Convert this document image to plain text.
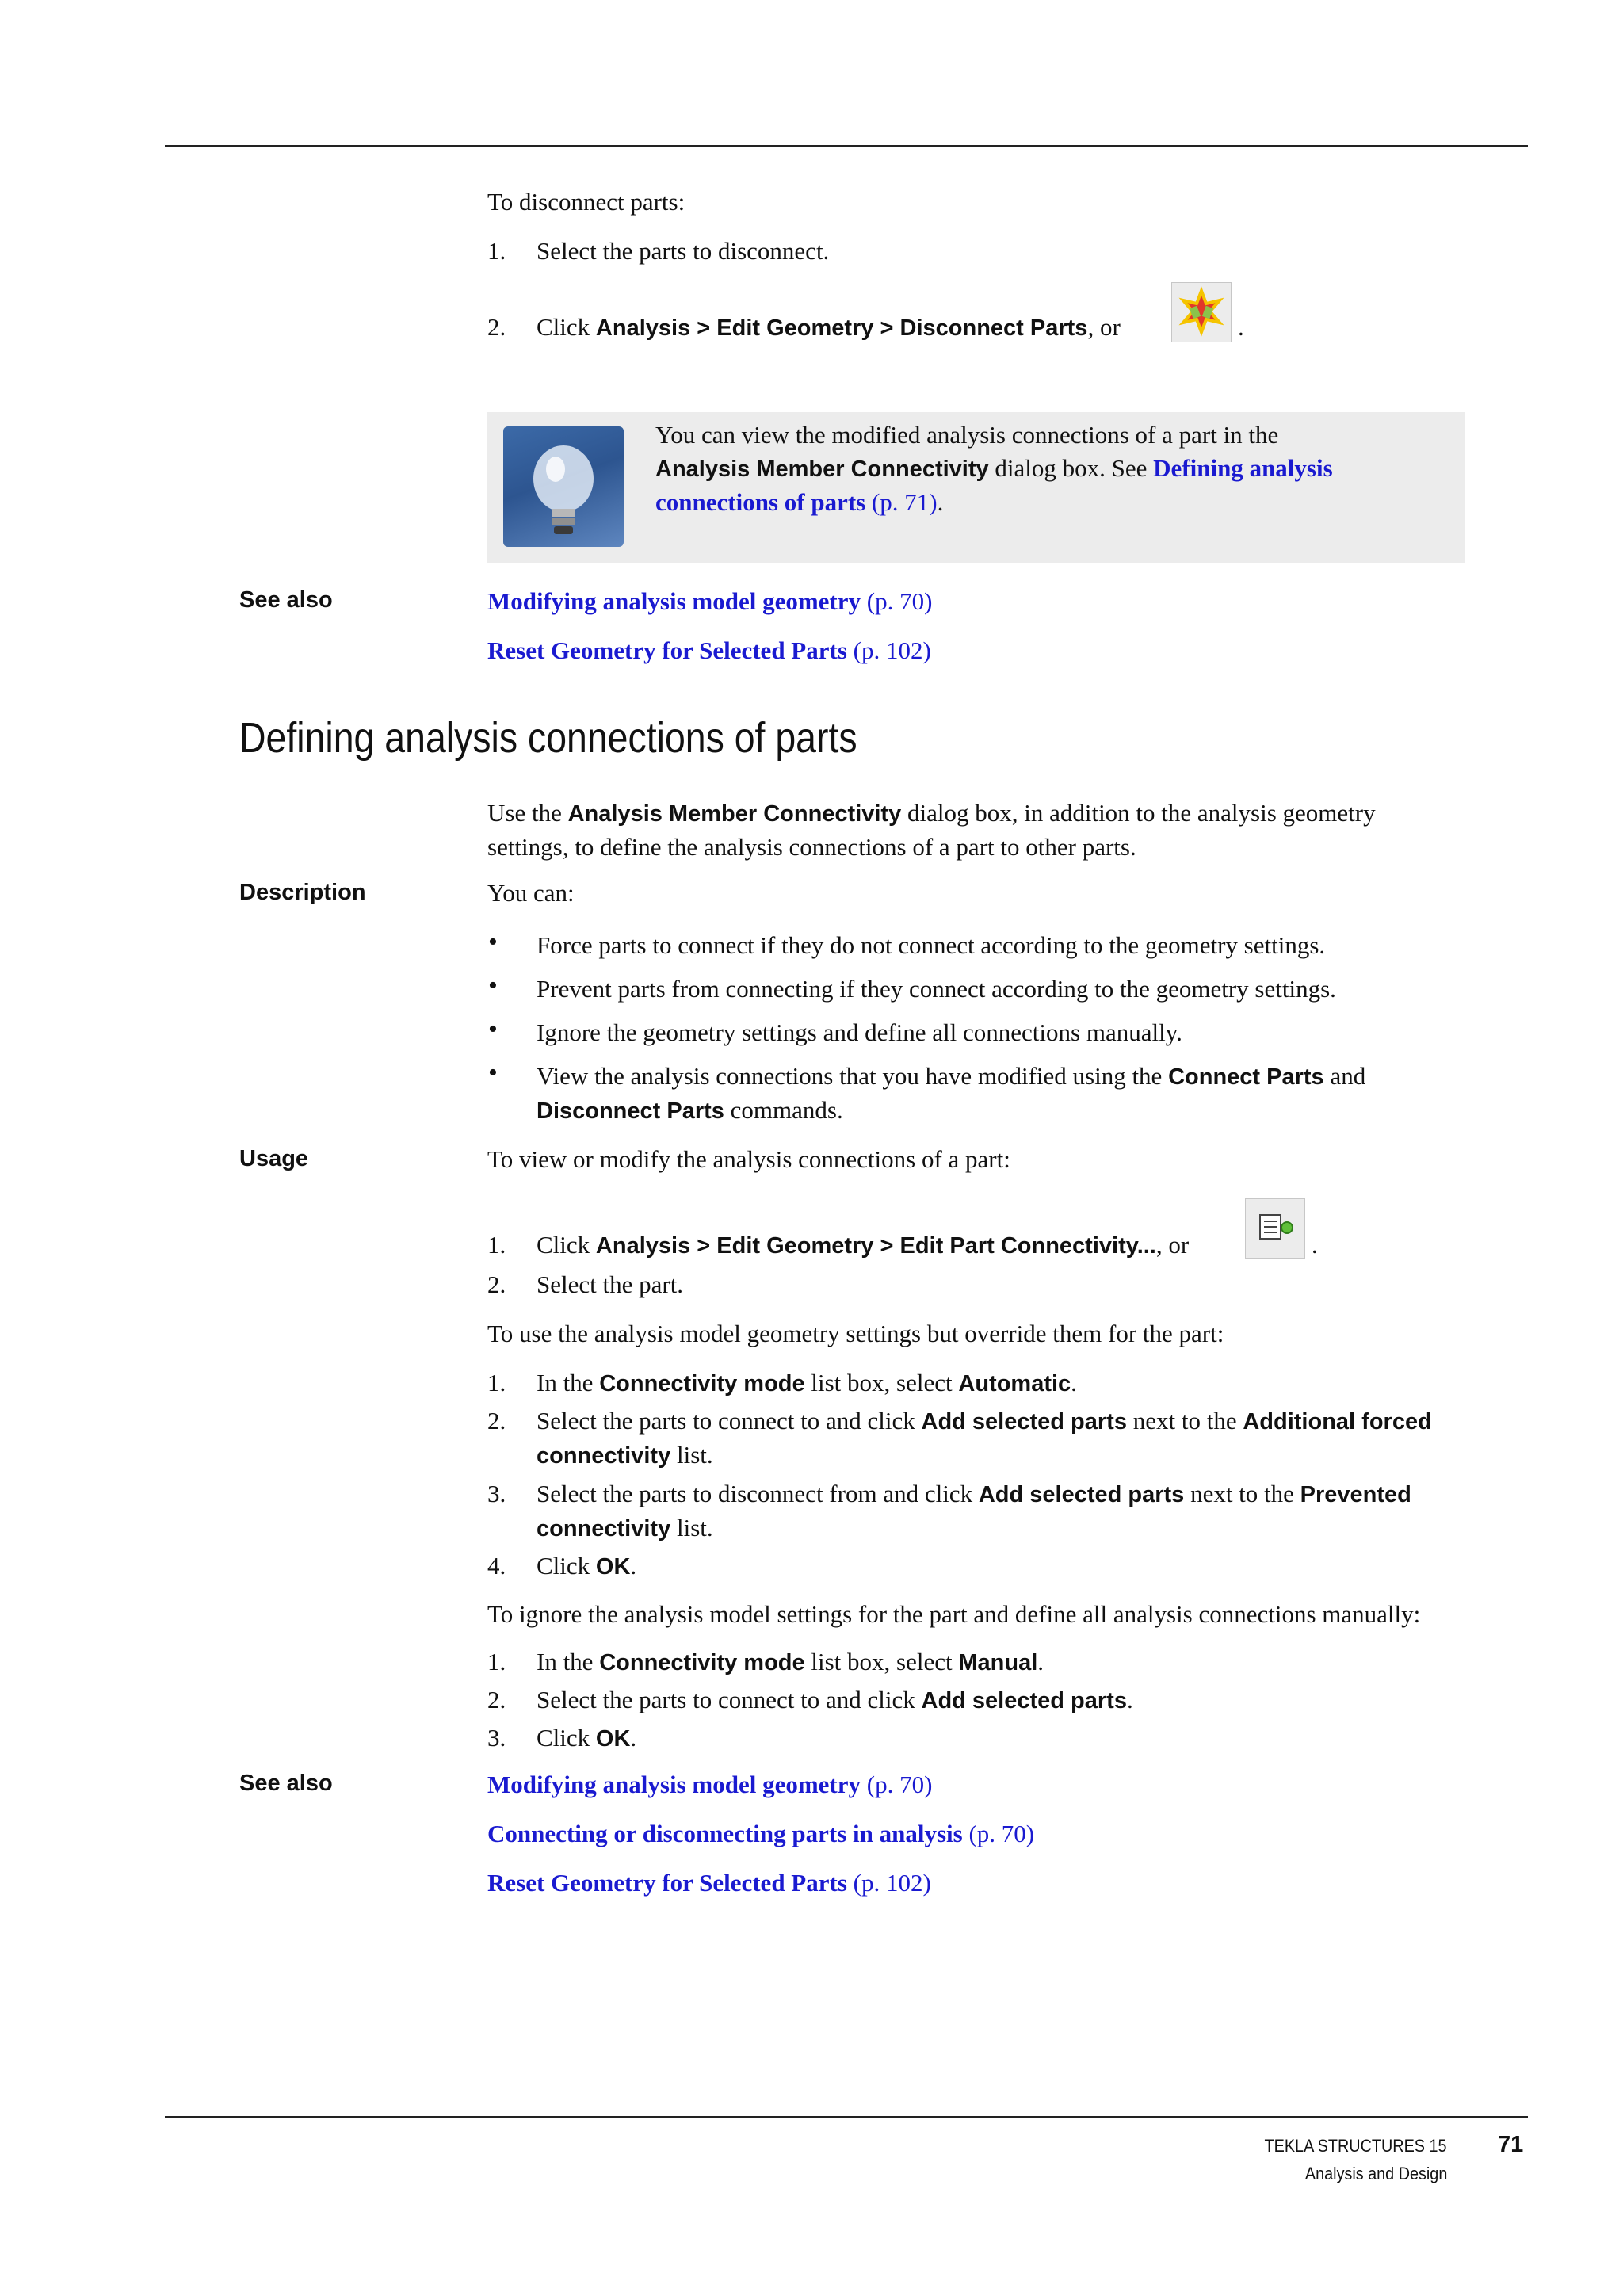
To disconnect parts:
1. Select the parts to disconnect.
2. Click Analysis > Edit Geometry > Disconnect Parts, or	.
You can view the modified analysis connections of a part in the
Analysis Member Connectivity dialog box. See Defining analysis
connections of parts (p. 71).
See also	Modifying analysis model geometry (p. 70)
Reset Geometry for Selected Parts (p. 102)
Defining analysis connections of parts
Use the Analysis Member Connectivity dialog box, in addition to the analysis geometry
settings, to define the analysis connections of a part to other parts.
Description	You can:
• Force parts to connect if they do not connect according to the geometry settings.
• Prevent parts from connecting if they connect according to the geometry settings.
• Ignore the geometry settings and define all connections manually.
• View the analysis connections that you have modified using the Connect Parts and
Disconnect Parts commands.
Usage	To view or modify the analysis connections of a part:
1. Click Analysis > Edit Geometry > Edit Part Connectivity..., or	.
2. Select the part.
To use the analysis model geometry settings but override them for the part:
1. In the Connectivity mode list box, select Automatic.
2. Select the parts to connect to and click Add selected parts next to the Additional forced
connectivity list.
3. Select the parts to disconnect from and click Add selected parts next to the Prevented
connectivity list.
4. Click OK.
To ignore the analysis model settings for the part and define all analysis connections manually:
1. In the Connectivity mode list box, select Manual.
2. Select the parts to connect to and click Add selected parts.
3. Click OK.
See also	Modifying analysis model geometry (p. 70)
Connecting or disconnecting parts in analysis (p. 70)
Reset Geometry for Selected Parts (p. 102)
TEKLA STRUCTURES 15
Analysis and Design
71
